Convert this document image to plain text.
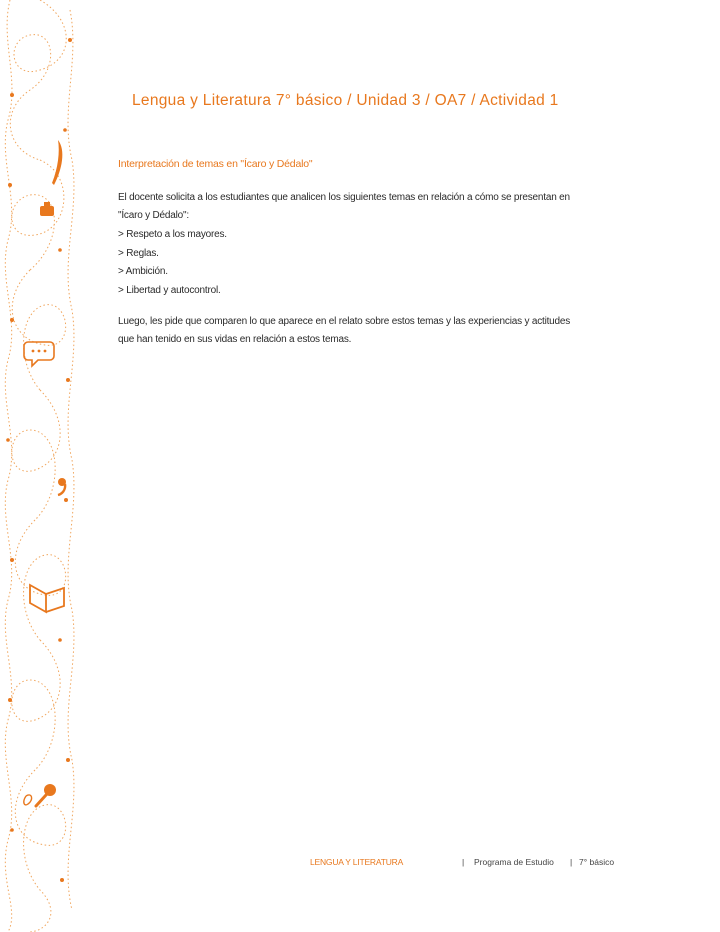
Lengua y Literatura 7° básico / Unidad 3 / OA7 / Actividad 1
Interpretación de temas en "Ícaro y Dédalo"
El docente solicita a los estudiantes que analicen los siguientes temas en relación a cómo se presentan en "Ícaro y Dédalo":
> Respeto a los mayores.
> Reglas.
> Ambición.
> Libertad y autocontrol.
Luego, les pide que comparen lo que aparece en el relato sobre estos temas y las experiencias y actitudes que han tenido en sus vidas en relación a estos temas.
LENGUA Y LITERATURA	| Programa de Estudio | 7° básico
